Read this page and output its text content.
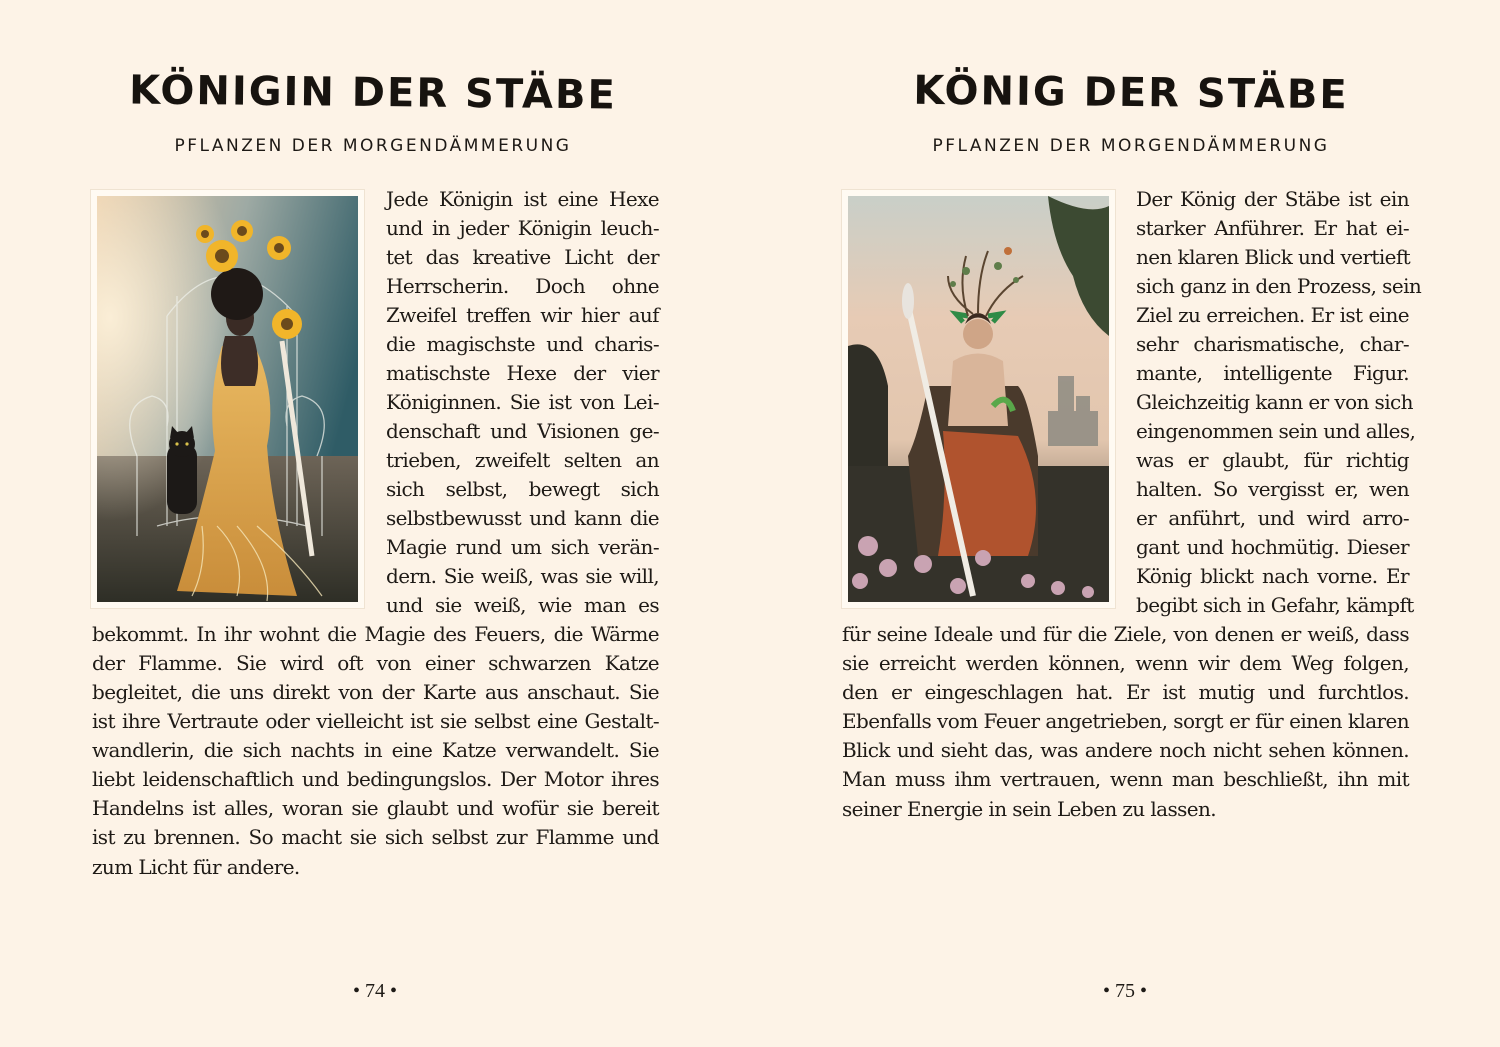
KÖNIGIN DER STÄBE
PFLANZEN DER MORGENDÄMMERUNG
Jede Königin ist eine Hexe
und in jeder Königin leuch-
tet das kreative Licht der
Herrscherin. Doch ohne
Zweifel treffen wir hier auf
die magischste und charis-
matischste Hexe der vier
Königinnen. Sie ist von Lei-
denschaft und Visionen ge-
trieben, zweifelt selten an
sich selbst, bewegt sich
selbstbewusst und kann die
Magie rund um sich verän-
dern. Sie weiß, was sie will,
und sie weiß, wie man es
bekommt. In ihr wohnt die Magie des Feuers, die Wärme
der Flamme. Sie wird oft von einer schwarzen Katze
begleitet, die uns direkt von der Karte aus anschaut. Sie
ist ihre Vertraute oder vielleicht ist sie selbst eine Gestalt-
wandlerin, die sich nachts in eine Katze verwandelt. Sie
liebt leidenschaftlich und bedingungslos. Der Motor ihres
Handelns ist alles, woran sie glaubt und wofür sie bereit
ist zu brennen. So macht sie sich selbst zur Flamme und
zum Licht für andere.
• 74 •
KÖNIG DER STÄBE
PFLANZEN DER MORGENDÄMMERUNG
Der König der Stäbe ist ein
starker Anführer. Er hat ei-
nen klaren Blick und vertieft
sich ganz in den Prozess, sein
Ziel zu erreichen. Er ist eine
sehr charismatische, char-
mante, intelligente Figur.
Gleichzeitig kann er von sich
eingenommen sein und alles,
was er glaubt, für richtig
halten. So vergisst er, wen
er anführt, und wird arro-
gant und hochmütig. Dieser
König blickt nach vorne. Er
begibt sich in Gefahr, kämpft
für seine Ideale und für die Ziele, von denen er weiß, dass
sie erreicht werden können, wenn wir dem Weg folgen,
den er eingeschlagen hat. Er ist mutig und furchtlos.
Ebenfalls vom Feuer angetrieben, sorgt er für einen klaren
Blick und sieht das, was andere noch nicht sehen können.
Man muss ihm vertrauen, wenn man beschließt, ihn mit
seiner Energie in sein Leben zu lassen.
• 75 •
